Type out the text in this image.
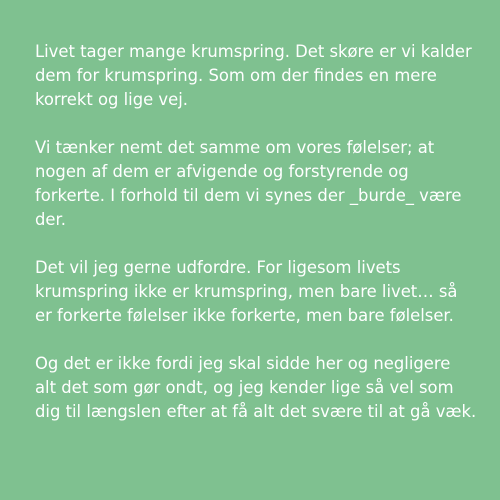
Livet tager mange krumspring. Det skøre er vi kalder
dem for krumspring. Som om der findes en mere
korrekt og lige vej.

Vi tænker nemt det samme om vores følelser; at
nogen af dem er afvigende og forstyrende og
forkerte. I forhold til dem vi synes der _burde_ være
der.

Det vil jeg gerne udfordre. For ligesom livets
krumspring ikke er krumspring, men bare livet… så
er forkerte følelser ikke forkerte, men bare følelser.

Og det er ikke fordi jeg skal sidde her og negligere
alt det som gør ondt, og jeg kender lige så vel som
dig til længslen efter at få alt det svære til at gå væk.
